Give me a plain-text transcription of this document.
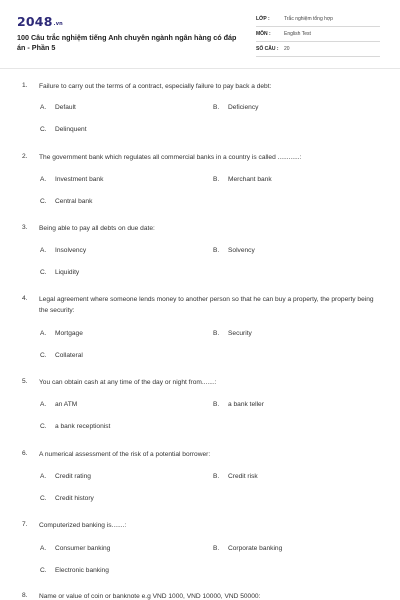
2048.vn
100 Câu trắc nghiệm tiếng Anh chuyên ngành ngân hàng có đáp án - Phần 5
LỚP :	Trắc nghiệm tổng hợp
MÔN :	English Test
SỐ CÂU : 20
1. Failure to carry out the terms of a contract, especially failure to pay back a debt:
A. Default	B. Deficiency
C. Delinquent
2. The government bank which regulates all commercial banks in a country is called ............:
A. Investment bank	B. Merchant bank
C. Central bank
3. Being able to pay all debts on due date:
A. Insolvency	B. Solvency
C. Liquidity
4. Legal agreement where someone lends money to another person so that he can buy a property, the property being the security:
A. Mortgage	B. Security
C. Collateral
5. You can obtain cash at any time of the day or night from.......:
A. an ATM	B. a bank teller
C. a bank receptionist
6. A numerical assessment of the risk of a potential borrower:
A. Credit rating	B. Credit risk
C. Credit history
7. Computerized banking is.......:
A. Consumer banking	B. Corporate banking
C. Electronic banking
8. Name or value of coin or banknote e.g VND 1000, VND 10000, VND 50000:
